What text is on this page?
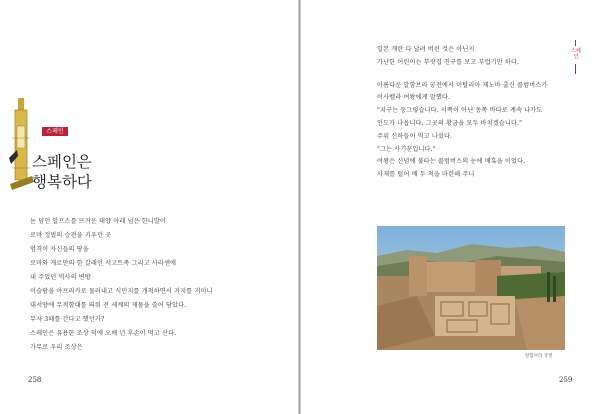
스페인
스페인은
행복하다
눈 덮인 알프스를 뜨거운 태양 아래 넘은 한니발이
로마 정벌의 승전을 키우던 곳
엄격이 자신들의 땅을
로마와 게르만의 한 갈래인 서고트족 그리고 사라센에
내 주었던 역사의 변방
이슬람을 아프리카로 물러내고 식민지를 개척하면서 거지를 거미니
대서양에 무적함대를 띄워 전 세계의 재물을 쓸어 담았다.
무자 3때를 간다고 했던가?
스페인은 유용한 조상 덕에 오배 년 후손이 먹고 산다.
가무로 우리 조상은
258
스페인
일본 개란 다 날려 버린 것은 아닌지
가난한 어린이는 부잣집 친구를 보고 부럽기만 하다.
아름다운 알함브라 궁전에서 이탈리아 제노바 출신 콜럼버스가
이사벨라 여왕에게 말했다.
"지구는 둥그렇습니다. 서쪽이 아닌 동쪽 바다로 계속 나가도
인도가 나옵니다. 그곳의 황금을 모두 바치겠습니다."
주위 신하들이 먹고 나섰다.
"그는 사기꾼입니다."
여왕은 신념에 불타는 콜럼버스의 눈에 매혹을 이었다.
사재를 털어 배 두 척을 마련해 주니
알함브라 궁전
259
